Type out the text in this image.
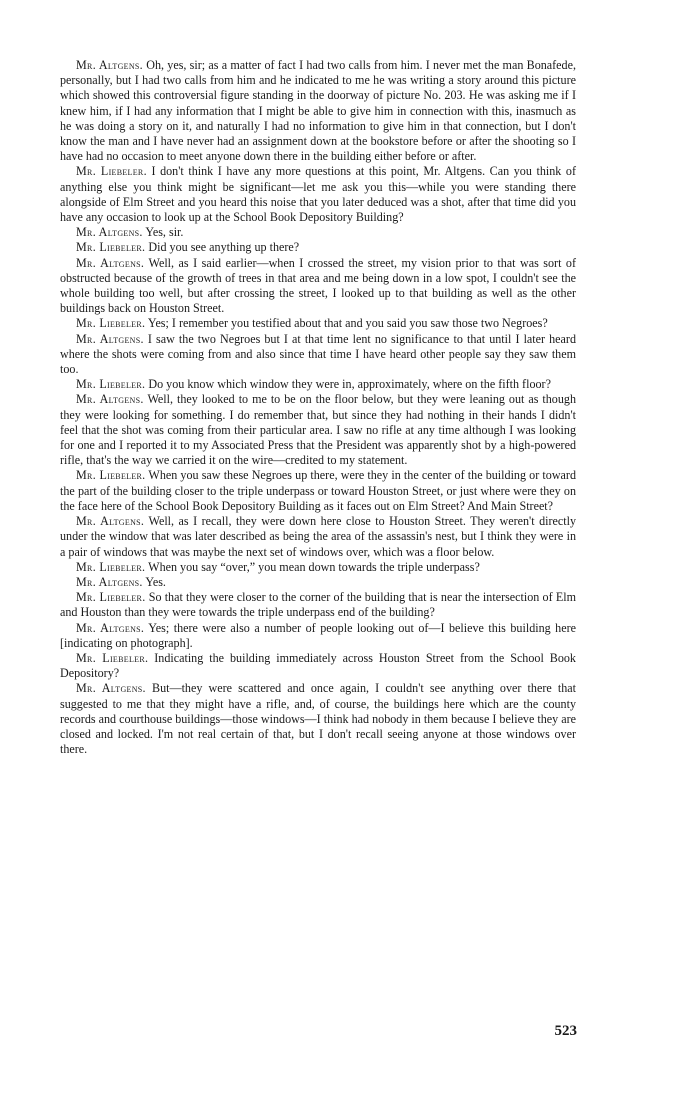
Mr. Altgens. Oh, yes, sir; as a matter of fact I had two calls from him. I never met the man Bonafede, personally, but I had two calls from him and he indicated to me he was writing a story around this picture which showed this controversial figure standing in the doorway of picture No. 203. He was asking me if I knew him, if I had any information that I might be able to give him in connection with this, inasmuch as he was doing a story on it, and naturally I had no information to give him in that connection, but I don't know the man and I have never had an assignment down at the bookstore before or after the shooting so I have had no occasion to meet anyone down there in the building either before or after.

Mr. Liebeler. I don't think I have any more questions at this point, Mr. Altgens. Can you think of anything else you think might be significant—let me ask you this—while you were standing there alongside of Elm Street and you heard this noise that you later deduced was a shot, after that time did you have any occasion to look up at the School Book Depository Building?

Mr. Altgens. Yes, sir.

Mr. Liebeler. Did you see anything up there?

Mr. Altgens. Well, as I said earlier—when I crossed the street, my vision prior to that was sort of obstructed because of the growth of trees in that area and me being down in a low spot, I couldn't see the whole building too well, but after crossing the street, I looked up to that building as well as the other buildings back on Houston Street.

Mr. Liebeler. Yes; I remember you testified about that and you said you saw those two Negroes?

Mr. Altgens. I saw the two Negroes but I at that time lent no significance to that until I later heard where the shots were coming from and also since that time I have heard other people say they saw them too.

Mr. Liebeler. Do you know which window they were in, approximately, where on the fifth floor?

Mr. Altgens. Well, they looked to me to be on the floor below, but they were leaning out as though they were looking for something. I do remember that, but since they had nothing in their hands I didn't feel that the shot was coming from their particular area. I saw no rifle at any time although I was looking for one and I reported it to my Associated Press that the President was apparently shot by a high-powered rifle, that's the way we carried it on the wire—credited to my statement.

Mr. Liebeler. When you saw these Negroes up there, were they in the center of the building or toward the part of the building closer to the triple underpass or toward Houston Street, or just where were they on the face here of the School Book Depository Building as it faces out on Elm Street? And Main Street?

Mr. Altgens. Well, as I recall, they were down here close to Houston Street. They weren't directly under the window that was later described as being the area of the assassin's nest, but I think they were in a pair of windows that was maybe the next set of windows over, which was a floor below.

Mr. Liebeler. When you say “over,” you mean down towards the triple underpass?

Mr. Altgens. Yes.

Mr. Liebeler. So that they were closer to the corner of the building that is near the intersection of Elm and Houston than they were towards the triple underpass end of the building?

Mr. Altgens. Yes; there were also a number of people looking out of—I believe this building here [indicating on photograph].

Mr. Liebeler. Indicating the building immediately across Houston Street from the School Book Depository?

Mr. Altgens. But—they were scattered and once again, I couldn't see anything over there that suggested to me that they might have a rifle, and, of course, the buildings here which are the county records and courthouse buildings—those windows—I think had nobody in them because I believe they are closed and locked. I'm not real certain of that, but I don't recall seeing anyone at those windows over there.

523
